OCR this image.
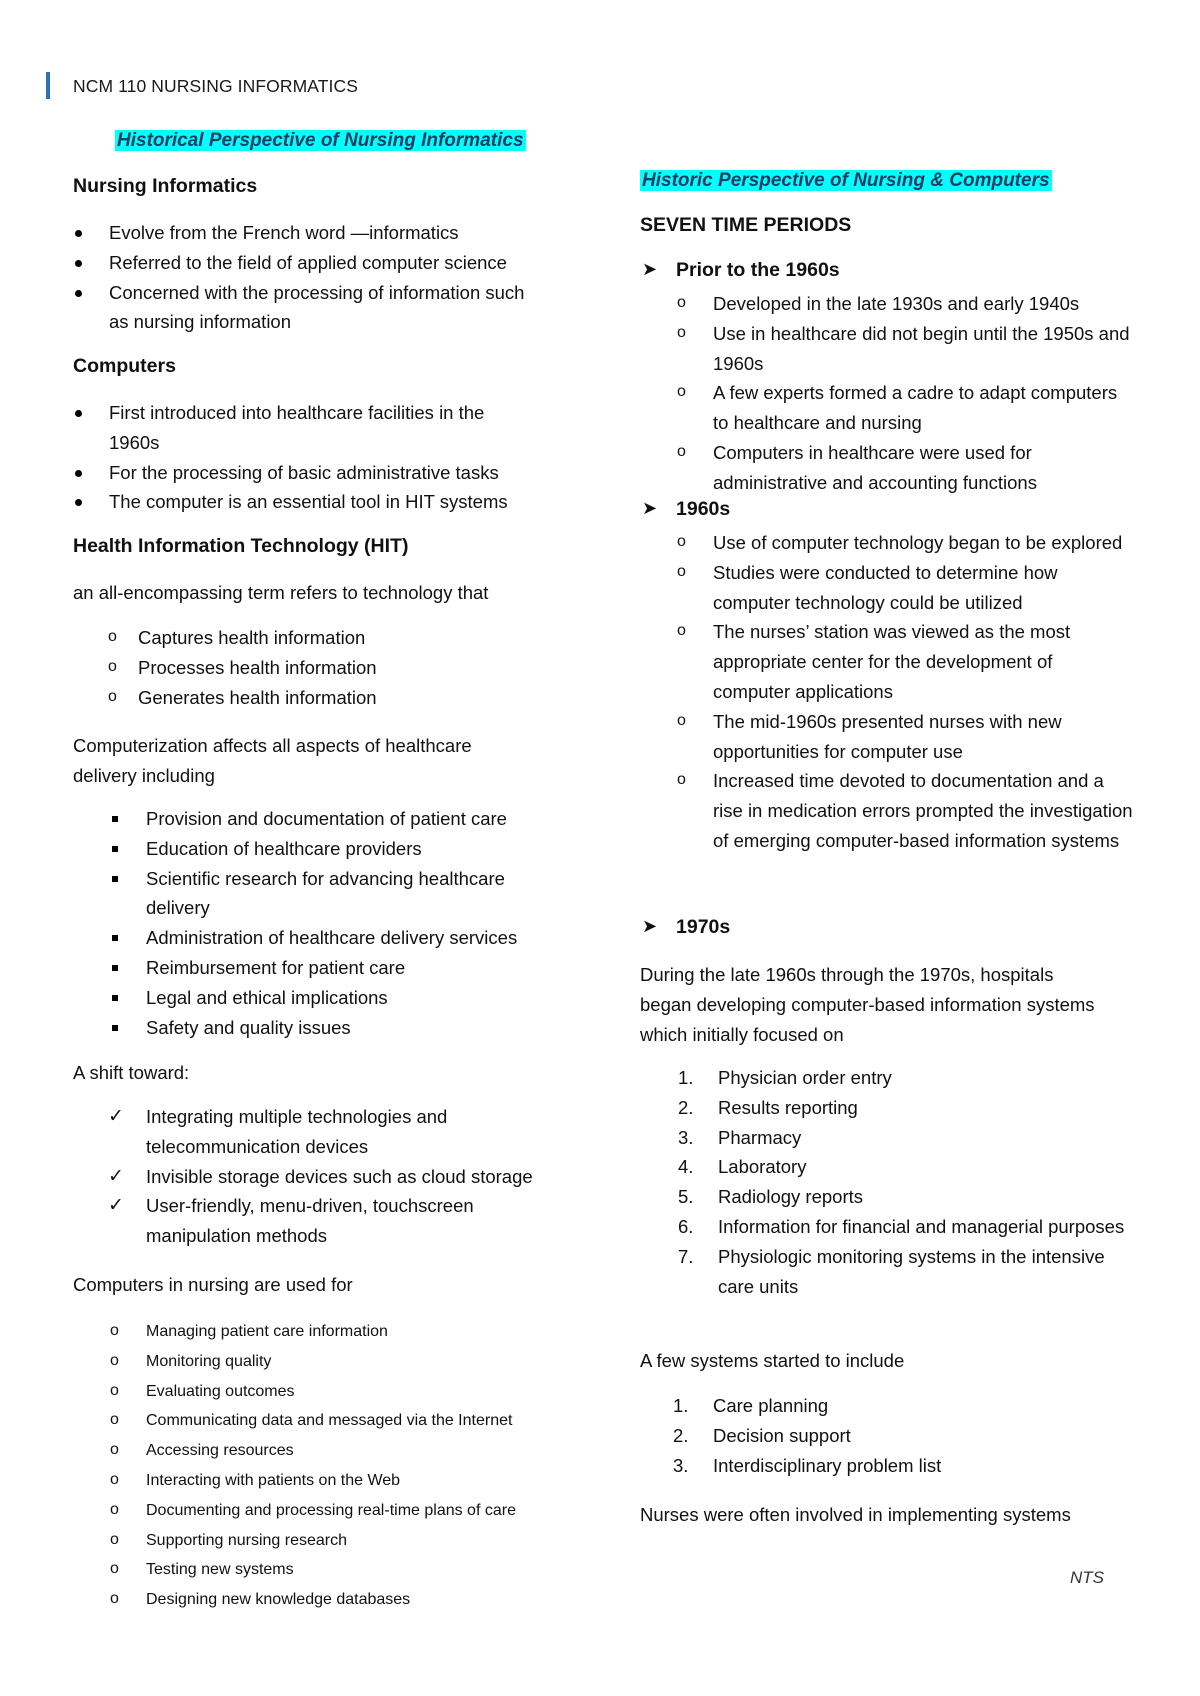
NCM 110 NURSING INFORMATICS
Historical Perspective of Nursing Informatics
Nursing Informatics
Evolve from the French word —informatics
Referred to the field of applied computer science
Concerned with the processing of information such as nursing information
Computers
First introduced into healthcare facilities in the 1960s
For the processing of basic administrative tasks
The computer is an essential tool in HIT systems
Health Information Technology (HIT)
an all-encompassing term refers to technology that
Captures health information
Processes health information
Generates health information
Computerization affects all aspects of healthcare delivery including
Provision and documentation of patient care
Education of healthcare providers
Scientific research for advancing healthcare delivery
Administration of healthcare delivery services
Reimbursement for patient care
Legal and ethical implications
Safety and quality issues
A shift toward:
✓	Integrating multiple technologies and telecommunication devices
✓	Invisible storage devices such as cloud storage
✓	User-friendly, menu-driven, touchscreen manipulation methods
Computers in nursing are used for
Managing patient care information
Monitoring quality
Evaluating outcomes
Communicating data and messaged via the Internet
Accessing resources
Interacting with patients on the Web
Documenting and processing real-time plans of care
Supporting nursing research
Testing new systems
Designing new knowledge databases
Historic Perspective of Nursing & Computers
SEVEN TIME PERIODS
➤ Prior to the 1960s
Developed in the late 1930s and early 1940s
Use in healthcare did not begin until the 1950s and 1960s
A few experts formed a cadre to adapt computers to healthcare and nursing
Computers in healthcare were used for administrative and accounting functions
➤ 1960s
Use of computer technology began to be explored
Studies were conducted to determine how computer technology could be utilized
The nurses’ station was viewed as the most appropriate center for the development of computer applications
The mid-1960s presented nurses with new opportunities for computer use
Increased time devoted to documentation and a rise in medication errors prompted the investigation of emerging computer-based information systems
➤ 1970s
During the late 1960s through the 1970s, hospitals began developing computer-based information systems which initially focused on
1.	Physician order entry
2.	Results reporting
3.	Pharmacy
4.	Laboratory
5.	Radiology reports
6.	Information for financial and managerial purposes
7.	Physiologic monitoring systems in the intensive care units
A few systems started to include
1.	Care planning
2.	Decision support
3.	Interdisciplinary problem list
Nurses were often involved in implementing systems
NTS
